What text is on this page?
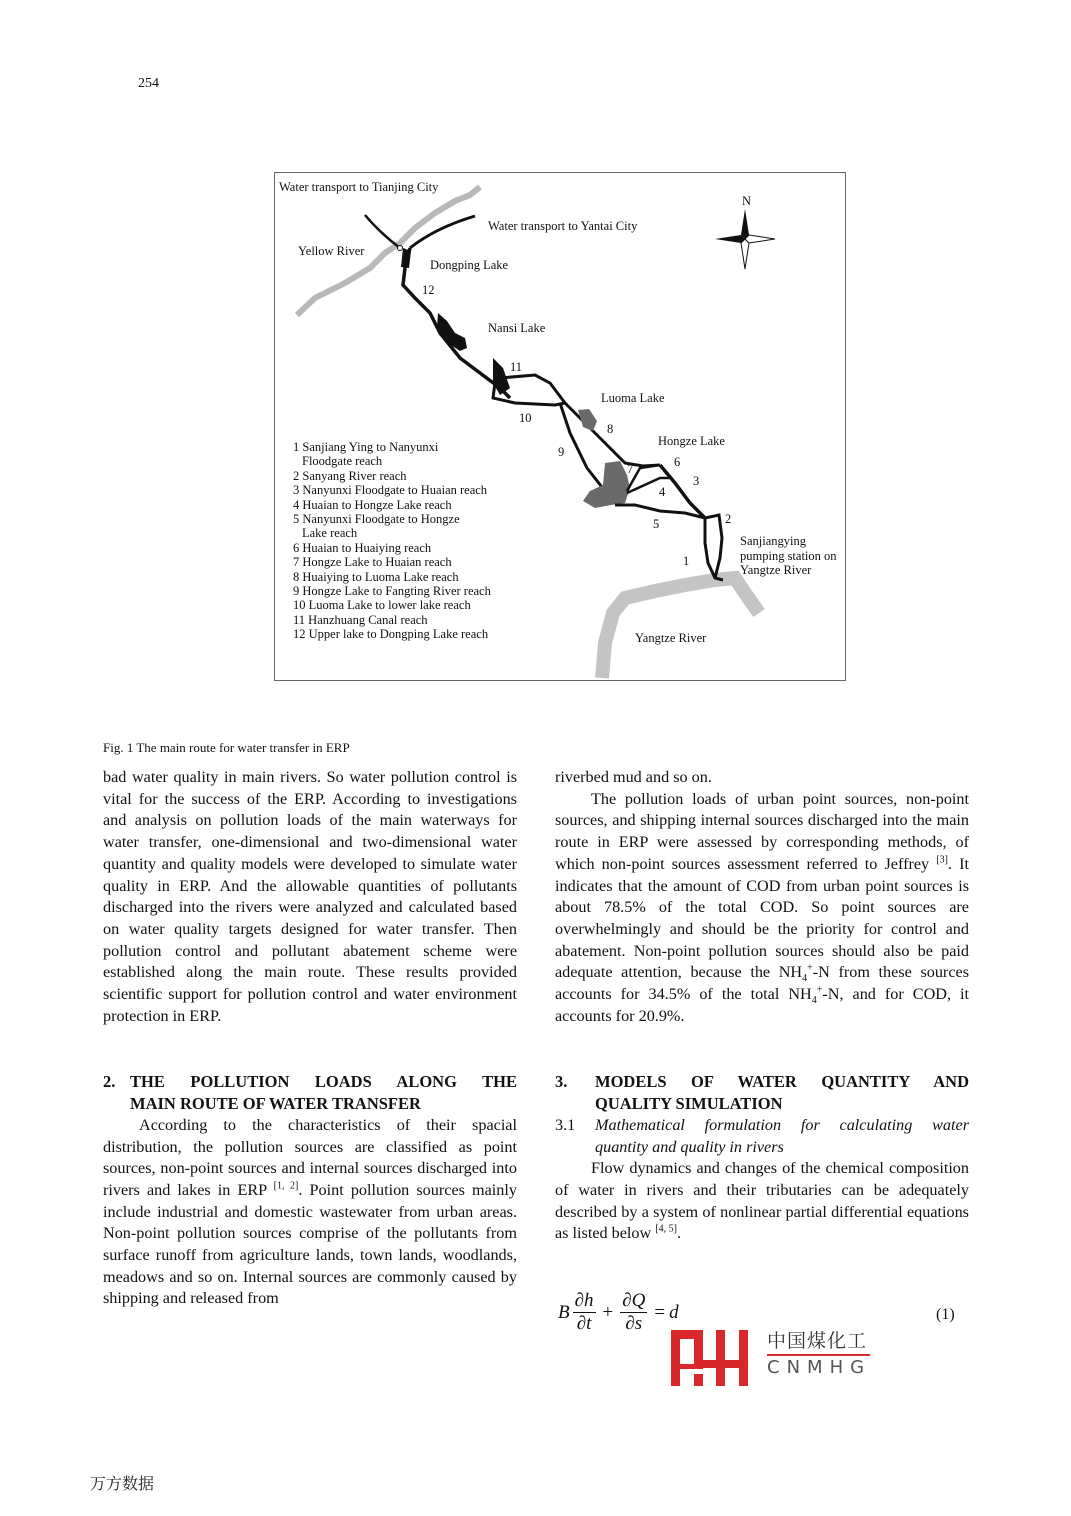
254
Water transport to Tianjing City
Water transport to Yantai City
Yellow River
Dongping Lake
Nansi Lake
Luoma Lake
Hongze Lake
Sanjiangying
pumping station on
Yangtze River
Yangtze River
N
1
2
3
4
5
6
7
8
9
10
11
12
1 Sanjiang Ying to Nanyunxi
Floodgate reach
2 Sanyang River reach
3 Nanyunxi Floodgate to Huaian reach
4 Huaian to Hongze Lake reach
5 Nanyunxi Floodgate to Hongze
Lake reach
6 Huaian to Huaiying reach
7 Hongze Lake to Huaian reach
8 Huaiying to Luoma Lake reach
9 Hongze Lake to Fangting River reach
10 Luoma Lake to lower lake reach
11 Hanzhuang Canal reach
12 Upper lake to Dongping Lake reach
Fig. 1 The main route for water transfer in ERP

bad water quality in main rivers. So water pollution control is vital for the success of the ERP. According to investigations and analysis on pollution loads of the main waterways for water transfer, one-dimensional and two-dimensional water quantity and quality models were developed to simulate water quality in ERP. And the allowable quantities of pollutants discharged into the rivers were analyzed and calculated based on water quality targets designed for water transfer. Then pollution control and pollutant abatement scheme were established along the main route. These results provided scientific support for pollution control and water environment protection in ERP.

2. THE POLLUTION LOADS ALONG THE
MAIN ROUTE OF WATER TRANSFER

According to the characteristics of their spacial distribution, the pollution sources are classified as point sources, non-point sources and internal sources discharged into rivers and lakes in ERP [1, 2]. Point pollution sources mainly include industrial and domestic wastewater from urban areas. Non-point pollution sources comprise of the pollutants from surface runoff from agriculture lands, town lands, woodlands, meadows and so on. Internal sources are commonly caused by shipping and released from

riverbed mud and so on.

The pollution loads of urban point sources, non-point sources, and shipping internal sources discharged into the main route in ERP were assessed by corresponding methods, of which non-point sources assessment referred to Jeffrey [3]. It indicates that the amount of COD from urban point sources is about 78.5% of the total COD. So point sources are overwhelmingly and should be the priority for control and abatement. Non-point pollution sources should also be paid adequate attention, because the $NH_4^+-N$ from these sources accounts for 34.5% of the total $NH_4^+-N$, and for COD, it accounts for 20.9%.

3. MODELS OF WATER QUANTITY AND
QUALITY SIMULATION
3.1 Mathematical formulation for calculating water
quantity and quality in rivers

Flow dynamics and changes of the chemical composition of water in rivers and their tributaries can be adequately described by a system of nonlinear partial differential equations as listed below [4, 5].

B $\frac{\partial h}{\partial t} + \frac{\partial Q}{\partial s} = d$	(1)
中国煤化工
CNMHG
万方数据
